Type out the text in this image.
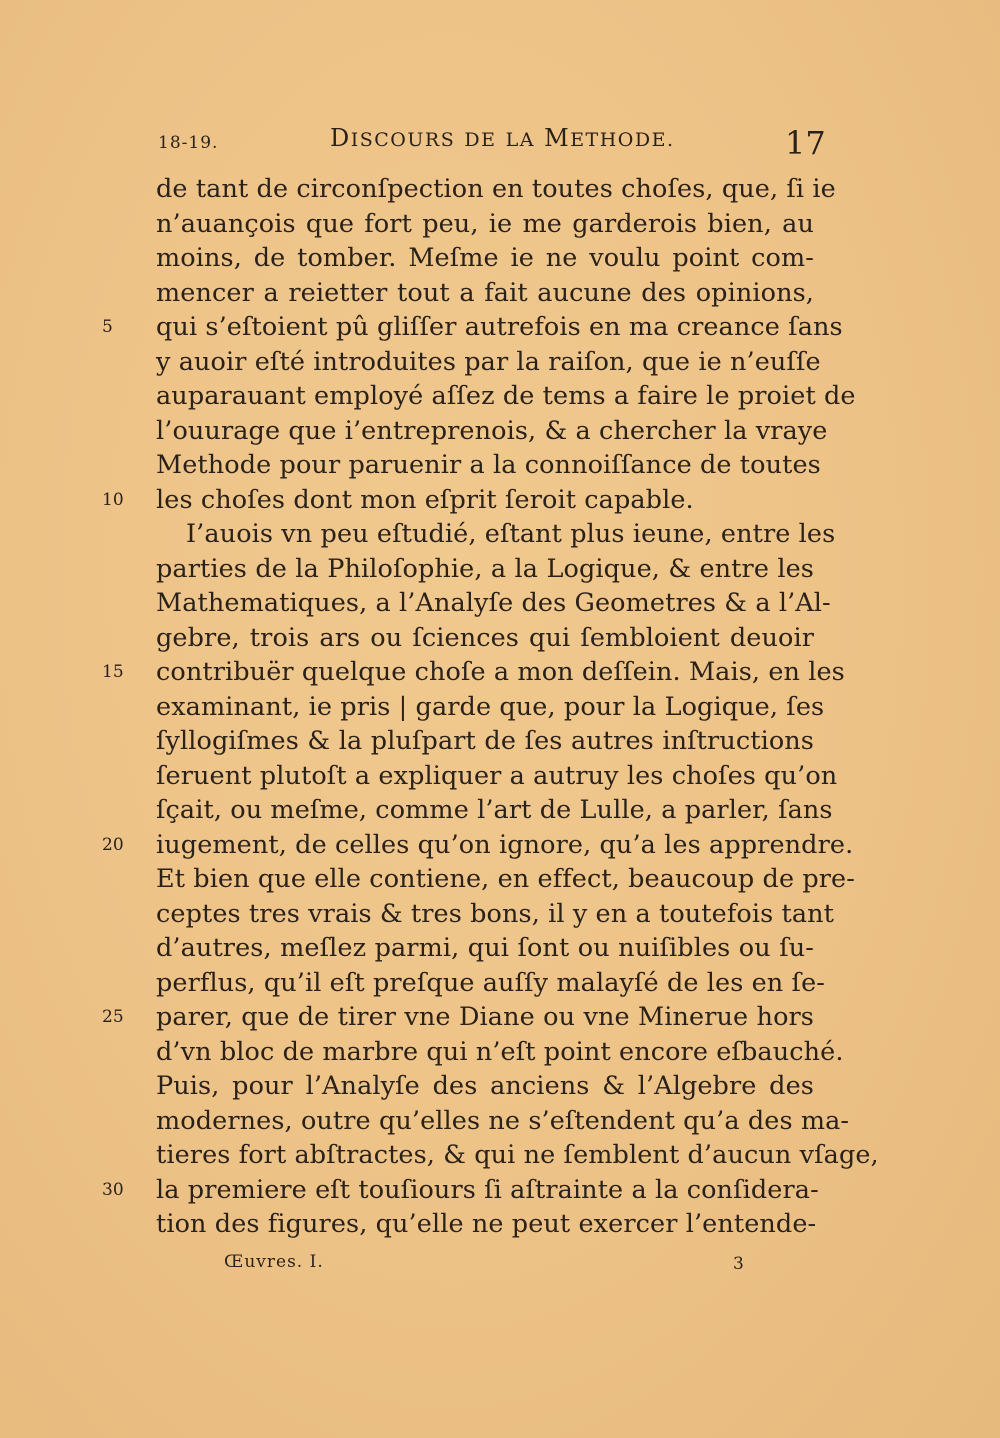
18-19.	DISCOURS DE LA METHODE.	17
de tant de circonſpection en toutes choſes, que, ſi ie
n’auançois que fort peu, ie me garderois bien, au
moins, de tomber. Meſme ie ne voulu point com-
mencer a reietter tout a fait aucune des opinions,
qui s’eſtoient pû gliſſer autrefois en ma creance ſans
5
y auoir eſté introduites par la raiſon, que ie n’euſſe
auparauant employé aſſez de tems a faire le proiet de
l’ouurage que i’entreprenois, & a chercher la vraye
Methode pour paruenir a la connoiſſance de toutes
les choſes dont mon eſprit ſeroit capable.
10
I’auois vn peu eſtudié, eſtant plus ieune, entre les
parties de la Philoſophie, a la Logique, & entre les
Mathematiques, a l’Analyſe des Geometres & a l’Al-
gebre, trois ars ou ſciences qui ſembloient deuoir
contribuër quelque choſe a mon deſſein. Mais, en les
15
examinant, ie pris | garde que, pour la Logique, ſes
ſyllogiſmes & la pluſpart de ſes autres inſtructions
ſeruent plutoſt a expliquer a autruy les choſes qu’on
ſçait, ou meſme, comme l’art de Lulle, a parler, ſans
iugement, de celles qu’on ignore, qu’a les apprendre.
20
Et bien que elle contiene, en effect, beaucoup de pre-
ceptes tres vrais & tres bons, il y en a toutefois tant
d’autres, meſlez parmi, qui ſont ou nuiſibles ou ſu-
perflus, qu’il eſt preſque auſſy malayſé de les en ſe-
parer, que de tirer vne Diane ou vne Minerue hors
25
d’vn bloc de marbre qui n’eſt point encore eſbauché.
Puis, pour l’Analyſe des anciens & l’Algebre des
modernes, outre qu’elles ne s’eſtendent qu’a des ma-
tieres fort abſtractes, & qui ne ſemblent d’aucun vſage,
la premiere eſt touſiours ſi aſtrainte a la conſidera-
30
tion des figures, qu’elle ne peut exercer l’entende-
Œuvres. I.	3
